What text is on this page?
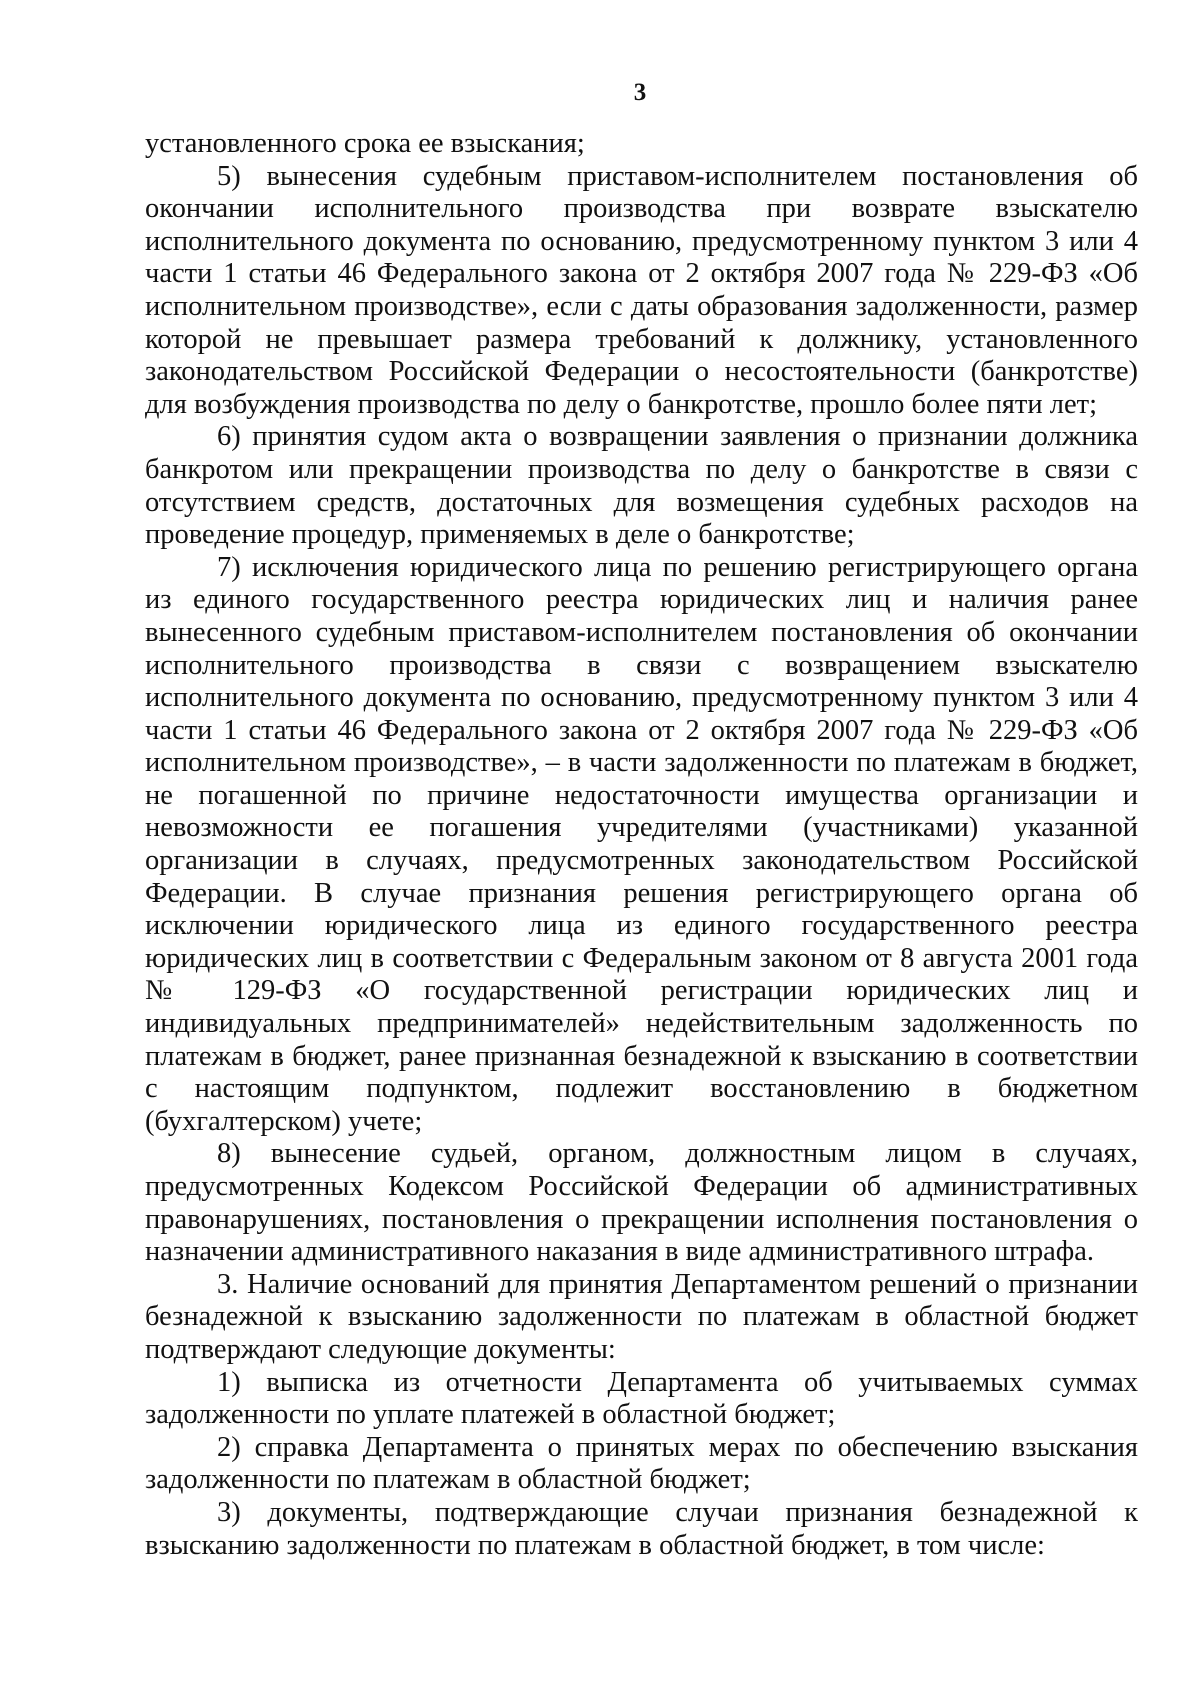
3

установленного срока ее взыскания;

5) вынесения судебным приставом-исполнителем постановления об окончании исполнительного производства при возврате взыскателю исполнительного документа по основанию, предусмотренному пунктом 3 или 4 части 1 статьи 46 Федерального закона от 2 октября 2007 года № 229-ФЗ «Об исполнительном производстве», если с даты образования задолженности, размер которой не превышает размера требований к должнику, установленного законодательством Российской Федерации о несостоятельности (банкротстве) для возбуждения производства по делу о банкротстве, прошло более пяти лет;

6) принятия судом акта о возвращении заявления о признании должника банкротом или прекращении производства по делу о банкротстве в связи с отсутствием средств, достаточных для возмещения судебных расходов на проведение процедур, применяемых в деле о банкротстве;

7) исключения юридического лица по решению регистрирующего органа из единого государственного реестра юридических лиц и наличия ранее вынесенного судебным приставом-исполнителем постановления об окончании исполнительного производства в связи с возвращением взыскателю исполнительного документа по основанию, предусмотренному пунктом 3 или 4 части 1 статьи 46 Федерального закона от 2 октября 2007 года № 229-ФЗ «Об исполнительном производстве», – в части задолженности по платежам в бюджет, не погашенной по причине недостаточности имущества организации и невозможности ее погашения учредителями (участниками) указанной организации в случаях, предусмотренных законодательством Российской Федерации. В случае признания решения регистрирующего органа об исключении юридического лица из единого государственного реестра юридических лиц в соответствии с Федеральным законом от 8 августа 2001 года № 129-ФЗ «О государственной регистрации юридических лиц и индивидуальных предпринимателей» недействительным задолженность по платежам в бюджет, ранее признанная безнадежной к взысканию в соответствии с настоящим подпунктом, подлежит восстановлению в бюджетном (бухгалтерском) учете;

8) вынесение судьей, органом, должностным лицом в случаях, предусмотренных Кодексом Российской Федерации об административных правонарушениях, постановления о прекращении исполнения постановления о назначении административного наказания в виде административного штрафа.

3. Наличие оснований для принятия Департаментом решений о признании безнадежной к взысканию задолженности по платежам в областной бюджет подтверждают следующие документы:

1) выписка из отчетности Департамента об учитываемых суммах задолженности по уплате платежей в областной бюджет;

2) справка Департамента о принятых мерах по обеспечению взыскания задолженности по платежам в областной бюджет;

3) документы, подтверждающие случаи признания безнадежной к взысканию задолженности по платежам в областной бюджет, в том числе:
